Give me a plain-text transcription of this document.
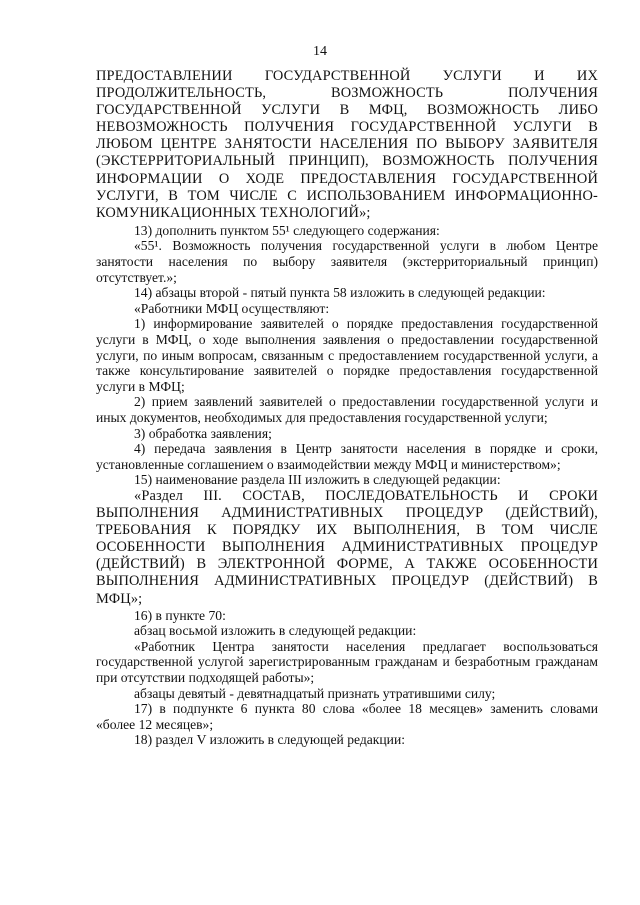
14

ПРЕДОСТАВЛЕНИИ ГОСУДАРСТВЕННОЙ УСЛУГИ И ИХ ПРОДОЛЖИТЕЛЬНОСТЬ, ВОЗМОЖНОСТЬ ПОЛУЧЕНИЯ ГОСУДАРСТВЕННОЙ УСЛУГИ В МФЦ, ВОЗМОЖНОСТЬ ЛИБО НЕВОЗМОЖНОСТЬ ПОЛУЧЕНИЯ ГОСУДАРСТВЕННОЙ УСЛУГИ В ЛЮБОМ ЦЕНТРЕ ЗАНЯТОСТИ НАСЕЛЕНИЯ ПО ВЫБОРУ ЗАЯВИТЕЛЯ (ЭКСТЕРРИТОРИАЛЬНЫЙ ПРИНЦИП), ВОЗМОЖНОСТЬ ПОЛУЧЕНИЯ ИНФОРМАЦИИ О ХОДЕ ПРЕДОСТАВЛЕНИЯ ГОСУДАРСТВЕННОЙ УСЛУГИ, В ТОМ ЧИСЛЕ С ИСПОЛЬЗОВАНИЕМ ИНФОРМАЦИОННО-КОМУНИКАЦИОННЫХ ТЕХНОЛОГИЙ»;

13) дополнить пунктом 55¹ следующего содержания:

«55¹. Возможность получения государственной услуги в любом Центре занятости населения по выбору заявителя (экстерриториальный принцип) отсутствует.»;

14) абзацы второй - пятый пункта 58 изложить в следующей редакции:

«Работники МФЦ осуществляют:

1) информирование заявителей о порядке предоставления государственной услуги в МФЦ, о ходе выполнения заявления о предоставлении государственной услуги, по иным вопросам, связанным с предоставлением государственной услуги, а также консультирование заявителей о порядке предоставления государственной услуги в МФЦ;

2) прием заявлений заявителей о предоставлении государственной услуги и иных документов, необходимых для предоставления государственной услуги;

3) обработка заявления;

4) передача заявления в Центр занятости населения в порядке и сроки, установленные соглашением о взаимодействии между МФЦ и министерством»;

15) наименование раздела III изложить в следующей редакции:

«Раздел III. СОСТАВ, ПОСЛЕДОВАТЕЛЬНОСТЬ И СРОКИ ВЫПОЛНЕНИЯ АДМИНИСТРАТИВНЫХ ПРОЦЕДУР (ДЕЙСТВИЙ), ТРЕБОВАНИЯ К ПОРЯДКУ ИХ ВЫПОЛНЕНИЯ, В ТОМ ЧИСЛЕ ОСОБЕННОСТИ ВЫПОЛНЕНИЯ АДМИНИСТРАТИВНЫХ ПРОЦЕДУР (ДЕЙСТВИЙ) В ЭЛЕКТРОННОЙ ФОРМЕ, А ТАКЖЕ ОСОБЕННОСТИ ВЫПОЛНЕНИЯ АДМИНИСТРАТИВНЫХ ПРОЦЕДУР (ДЕЙСТВИЙ) В МФЦ»;

16) в пункте 70:

абзац восьмой изложить в следующей редакции:

«Работник Центра занятости населения предлагает воспользоваться государственной услугой зарегистрированным гражданам и безработным гражданам при отсутствии подходящей работы»;

абзацы девятый - девятнадцатый признать утратившими силу;

17) в подпункте 6 пункта 80 слова «более 18 месяцев» заменить словами «более 12 месяцев»;

18) раздел V изложить в следующей редакции:
